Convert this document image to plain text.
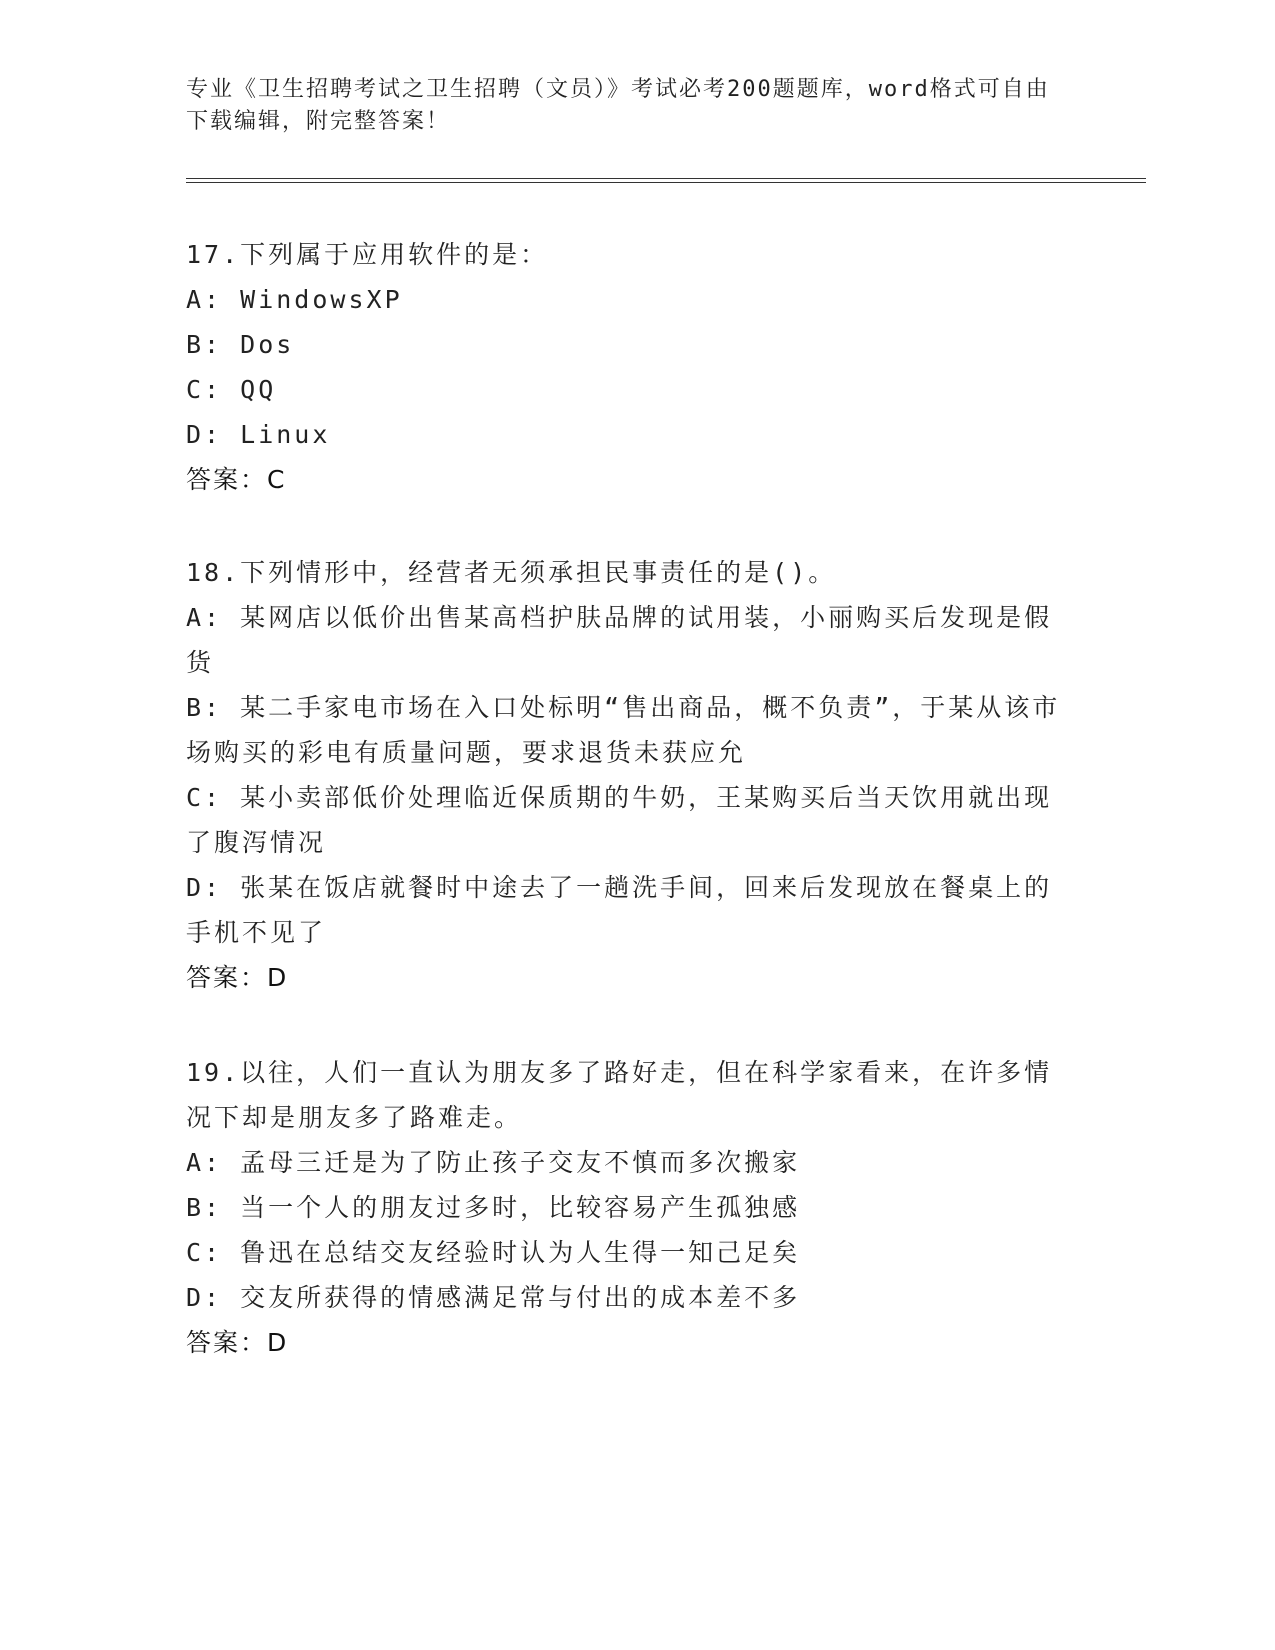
专业《卫生招聘考试之卫生招聘（文员）》考试必考200题题库，word格式可自由下载编辑，附完整答案！

17.下列属于应用软件的是：

A: WindowsXP

B: Dos

C: QQ

D: Linux

答案：C

18.下列情形中，经营者无须承担民事责任的是()。

A: 某网店以低价出售某高档护肤品牌的试用装，小丽购买后发现是假货

B: 某二手家电市场在入口处标明“售出商品，概不负责”，于某从该市场购买的彩电有质量问题，要求退货未获应允

C: 某小卖部低价处理临近保质期的牛奶，王某购买后当天饮用就出现了腹泻情况

D: 张某在饭店就餐时中途去了一趟洗手间，回来后发现放在餐桌上的手机不见了

答案：D

19.以往，人们一直认为朋友多了路好走，但在科学家看来，在许多情况下却是朋友多了路难走。

A: 孟母三迁是为了防止孩子交友不慎而多次搬家

B: 当一个人的朋友过多时，比较容易产生孤独感

C: 鲁迅在总结交友经验时认为人生得一知己足矣

D: 交友所获得的情感满足常与付出的成本差不多

答案：D
